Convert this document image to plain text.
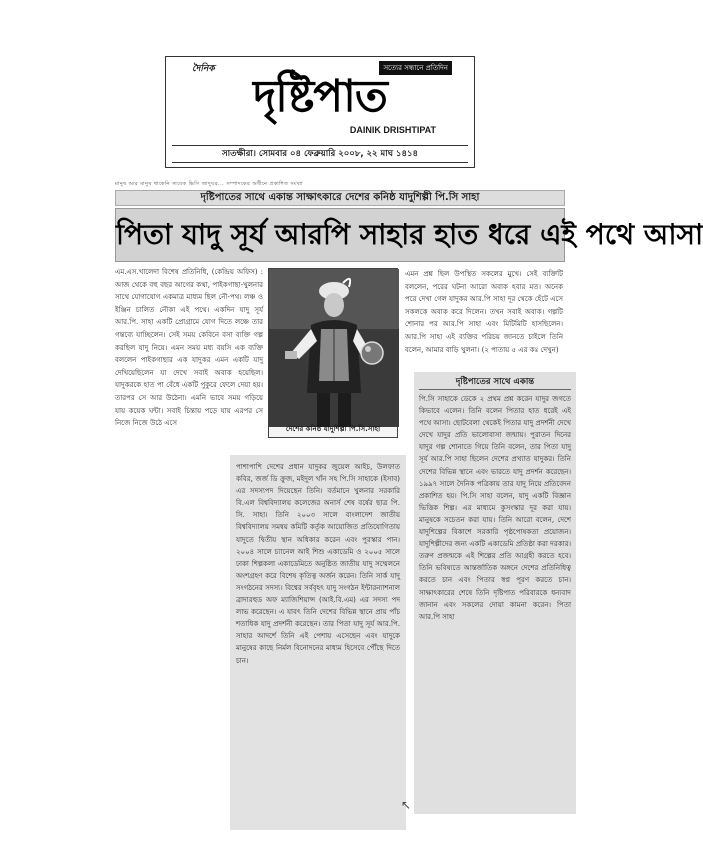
দৈনিক	সত্যের সন্ধানে প্রতিদিন
দৃষ্টিপাত
DAINIK DRISHTIPAT
সাতক্ষীরা। সোমবার ০৪ ফেব্রুয়ারি ২০০৮, ২২ মাঘ ১৪১৪
মানুষ আর মানুষ থাকেনি সাবেক ভিসি জাদুঘর... সম্পাদকের অধীনে প্রকাশিত সংখ্যা
দৃষ্টিপাতের সাথে একান্ত সাক্ষাৎকারে দেশের কনিষ্ঠ যাদুশিল্পী পি.সি সাহা
পিতা যাদু সূর্য আরপি সাহার হাত ধরে এই পথে আসা

এম.এস.খালেদা বিশেষ প্রতিনিধি, (কেন্দ্রিয় অফিস) : আজ থেকে বহু বছর আগের কথা, পাইকগাছা-খুলনার সাথে যোগাযোগ একমাত্র মাধ্যম ছিল নৌ-পথ। লঞ্চ ও ইঞ্জিন চালিত নৌকা এই পথে। একদিন যাদু সূর্য আর.পি. সাহা একটি প্রোগ্রামে যোগ দিতে লঞ্চে তার গন্তব্যে যাচ্ছিলেন। সেই সময় কেবিনে বসা ব্যক্তি গল্প করছিল যাদু নিয়ে। এমন সময় মধ্য বয়সি এক ব্যক্তি বললেন পাইকগাছার এক যাদুকর এমন একটি যাদু দেখিয়েছিলেন যা দেখে সবাই অবাক হয়েছিল। যাদুকরকে হাত পা বেঁধে একটি পুকুরে ফেলে দেয়া হয়। তারপর সে আর উঠেনা। এমনি ভাবে সময় গড়িয়ে যায় কয়েক ঘন্টা। সবাই চিন্তায় পড়ে যায় এরপর সে নিজে নিজে উঠে এসে

দেশের কনিষ্ঠ যাদুশিল্পী পি.সি.সাহা

এমন প্রশ্ন ছিল উপস্থিত সকলের মুখে। সেই ব্যক্তিটি বললেন, পরের ঘটনা আরো অবাক হবার মত। অনেক পরে দেখা গেল যাদুকর আর.পি সাহা দূর থেকে হেঁটে এসে সকলকে অবাক করে দিলেন। তখন সবাই অবাক। গল্পটি শোনার পর আর.পি সাহা এবং মিটিমিটি হাসছিলেন। আর.পি সাহা এই ব্যক্তির পরিচয় জানতে চাইলে তিনি বলেন, আমার বাড়ি খুলনা। (২ পাতায় ৫ এর কঃ দেখুন)

পাশাপাশি দেশের প্রধান যাদুকর জুয়েল আইচ, উলফাত কবির, জর্জ ডি ক্রুজ, মইদুল খাঁন সহ পি.সি সাহাকে (ইসাব) এর সদস্যপদ দিয়েছেন তিনি। বর্তমানে খুলনার সরকারি বি.এল বিশ্ববিদ্যালয় কলেজের অনার্স শেষ বর্ষের ছাত্র পি. সি. সাহা। তিনি ২০০৩ সালে বাংলাদেশ জাতীয় বিশ্ববিদ্যালয় সমন্বয় কমিটি কর্তৃক আয়োজিত প্রতিযোগিতায় যাদুতে দ্বিতীয় স্থান অধিকার করেন এবং পুরস্কার পান। ২০০৪ সালে চ্যানেল আই শিশু একাডেমি ও ২০০৫ সালে ঢাকা শিল্পকলা একাডেমিতে অনুষ্ঠিত জাতীয় যাদু সম্মেলনে অংশগ্রহণ করে বিশেষ কৃতিত্ব অর্জন করেন। তিনি সার্ক যাদু সংগঠনের সদস্য। বিশ্বের সর্ববৃহৎ যাদু সংগঠন ইন্টারন্যাশনাল ব্রাদারহুড অফ ম্যাজিশিয়ান্স (আই.বি.এম) এর সদস্য পদ লাভ করেছেন। এ যাবৎ তিনি দেশের বিভিন্ন স্থানে প্রায় পাঁচ শতাধিক যাদু প্রদর্শনী করেছেন। তার পিতা যাদু সূর্য আর.পি. সাহার আদর্শে তিনি এই পেশায় এসেছেন এবং যাদুকে মানুষের কাছে নির্মল বিনোদনের মাধ্যম হিসেবে পৌঁছে দিতে চান।

দৃষ্টিপাতের সাথে একান্ত

পি.সি সাহাকে ডেকে ২ প্রথম প্রশ্ন করেন যাদুর জগতে কিভাবে এলেন। তিনি বলেন পিতার হাত ধরেই এই পথে আসা। ছোটবেলা থেকেই পিতার যাদু প্রদর্শনী দেখে দেখে যাদুর প্রতি ভালোবাসা জন্মায়। পুরাতন দিনের যাদুর গল্প শোনাতে গিয়ে তিনি বলেন, তার পিতা যাদু সূর্য আর.পি সাহা ছিলেন দেশের প্রখ্যাত যাদুকর। তিনি দেশের বিভিন্ন স্থানে এবং ভারতে যাদু প্রদর্শন করেছেন। ১৯৯৭ সালে দৈনিক পত্রিকায় তার যাদু নিয়ে প্রতিবেদন প্রকাশিত হয়। পি.সি সাহা বলেন, যাদু একটি বিজ্ঞান ভিত্তিক শিল্প। এর মাধ্যমে কুসংস্কার দূর করা যায়। মানুষকে সচেতন করা যায়। তিনি আরো বলেন, দেশে যাদুশিল্পের বিকাশে সরকারি পৃষ্ঠপোষকতা প্রয়োজন। যাদুশিল্পীদের জন্য একটি একাডেমি প্রতিষ্ঠা করা দরকার। তরুণ প্রজন্মকে এই শিল্পের প্রতি আগ্রহী করতে হবে। তিনি ভবিষ্যতে আন্তর্জাতিক অঙ্গনে দেশের প্রতিনিধিত্ব করতে চান এবং পিতার স্বপ্ন পূরণ করতে চান। সাক্ষাৎকারের শেষে তিনি দৃষ্টিপাত পরিবারকে ধন্যবাদ জানান এবং সকলের দোয়া কামনা করেন। পিতা আর.পি সাহা

↖
